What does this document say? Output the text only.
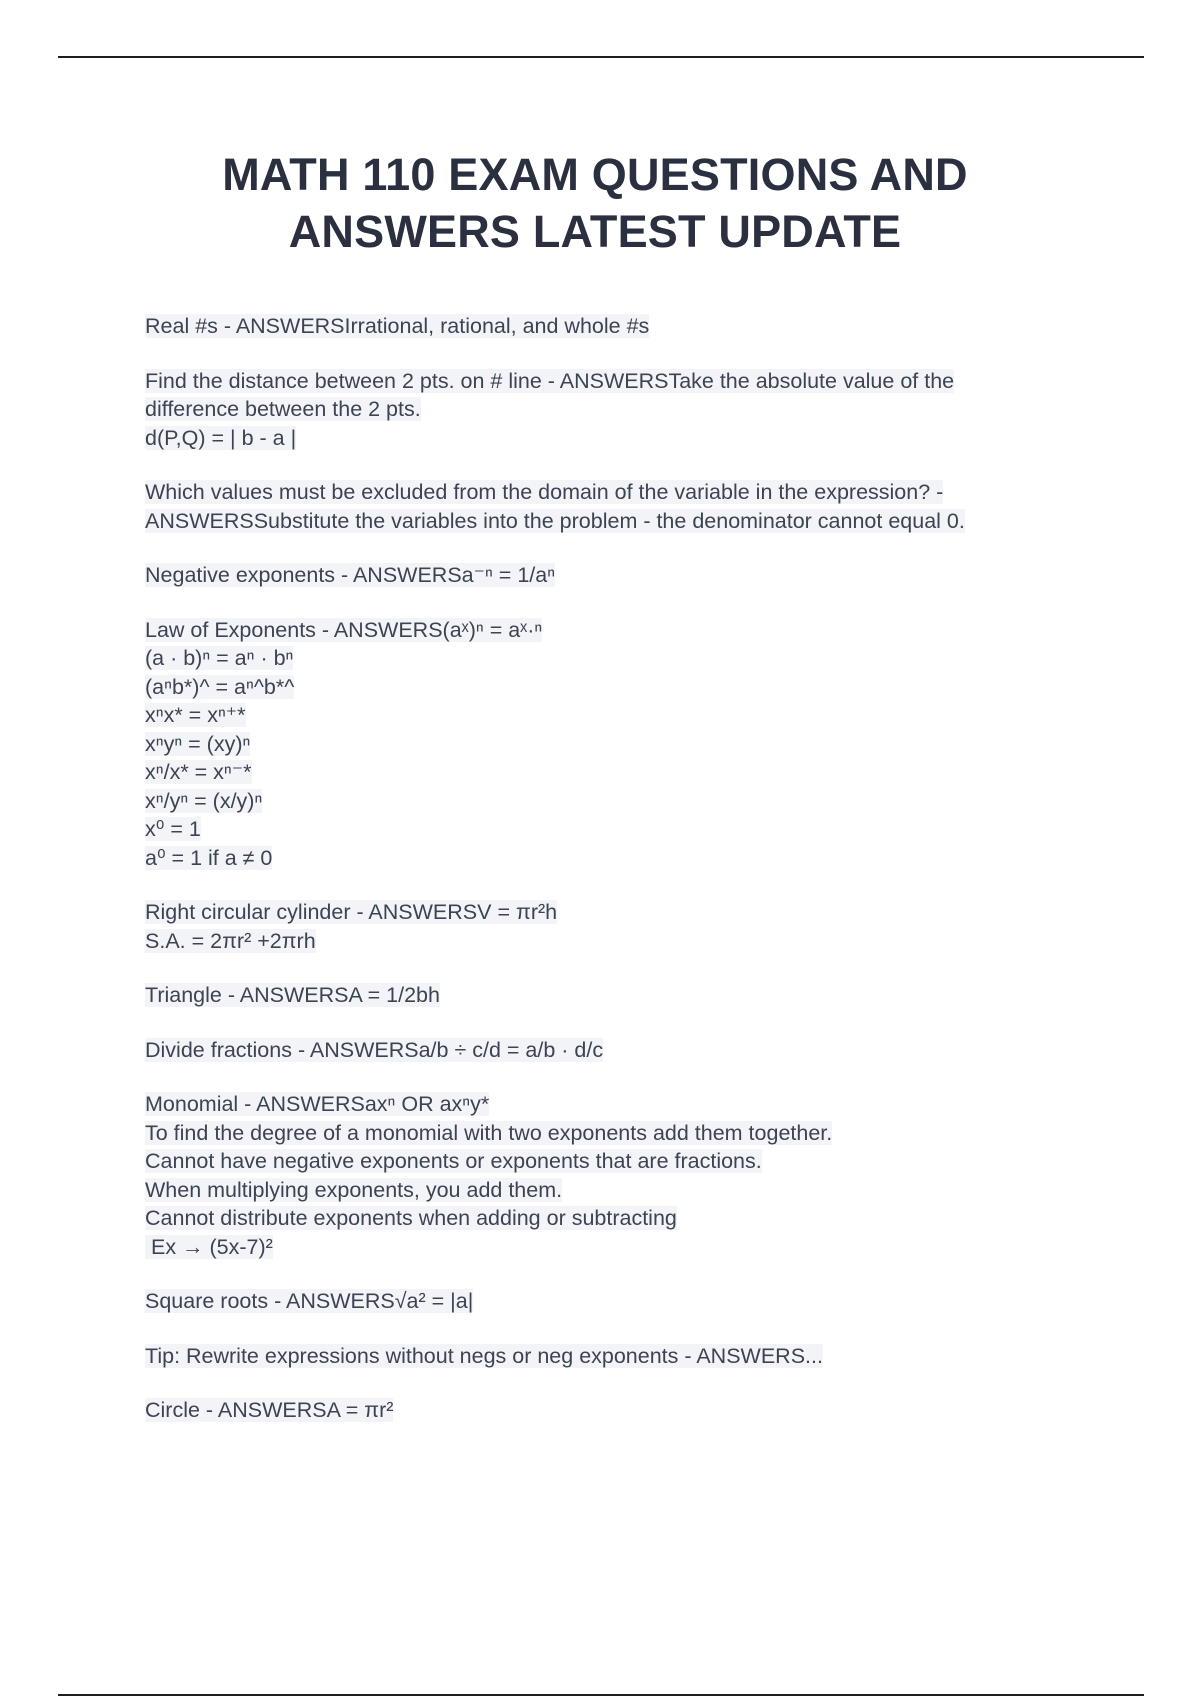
MATH 110 EXAM QUESTIONS AND
ANSWERS LATEST UPDATE
Real #s - ANSWERSIrrational, rational, and whole #s
Find the distance between 2 pts. on # line - ANSWERSTake the absolute value of the
difference between the 2 pts.
d(P,Q) = | b - a |
Which values must be excluded from the domain of the variable in the expression? -
ANSWERSSubstitute the variables into the problem - the denominator cannot equal 0.
Negative exponents - ANSWERSa⁻ⁿ = 1/aⁿ
Law of Exponents - ANSWERS(aˣ)ⁿ = aˣ·ⁿ
(a · b)ⁿ = aⁿ · bⁿ
(aⁿb*)^ = aⁿ^b*^
xⁿx* = xⁿ⁺*
xⁿyⁿ = (xy)ⁿ
xⁿ/x* = xⁿ⁻*
xⁿ/yⁿ = (x/y)ⁿ
x⁰ = 1
a⁰ = 1 if a ≠ 0
Right circular cylinder - ANSWERSV = πr²h
S.A. = 2πr² +2πrh
Triangle - ANSWERSA = 1/2bh
Divide fractions - ANSWERSa/b ÷ c/d = a/b · d/c
Monomial - ANSWERSaxⁿ OR axⁿy*
To find the degree of a monomial with two exponents add them together.
Cannot have negative exponents or exponents that are fractions.
When multiplying exponents, you add them.
Cannot distribute exponents when adding or subtracting
Ex → (5x-7)²
Square roots - ANSWERS√a² = |a|
Tip: Rewrite expressions without negs or neg exponents - ANSWERS...
Circle - ANSWERSA = πr²
